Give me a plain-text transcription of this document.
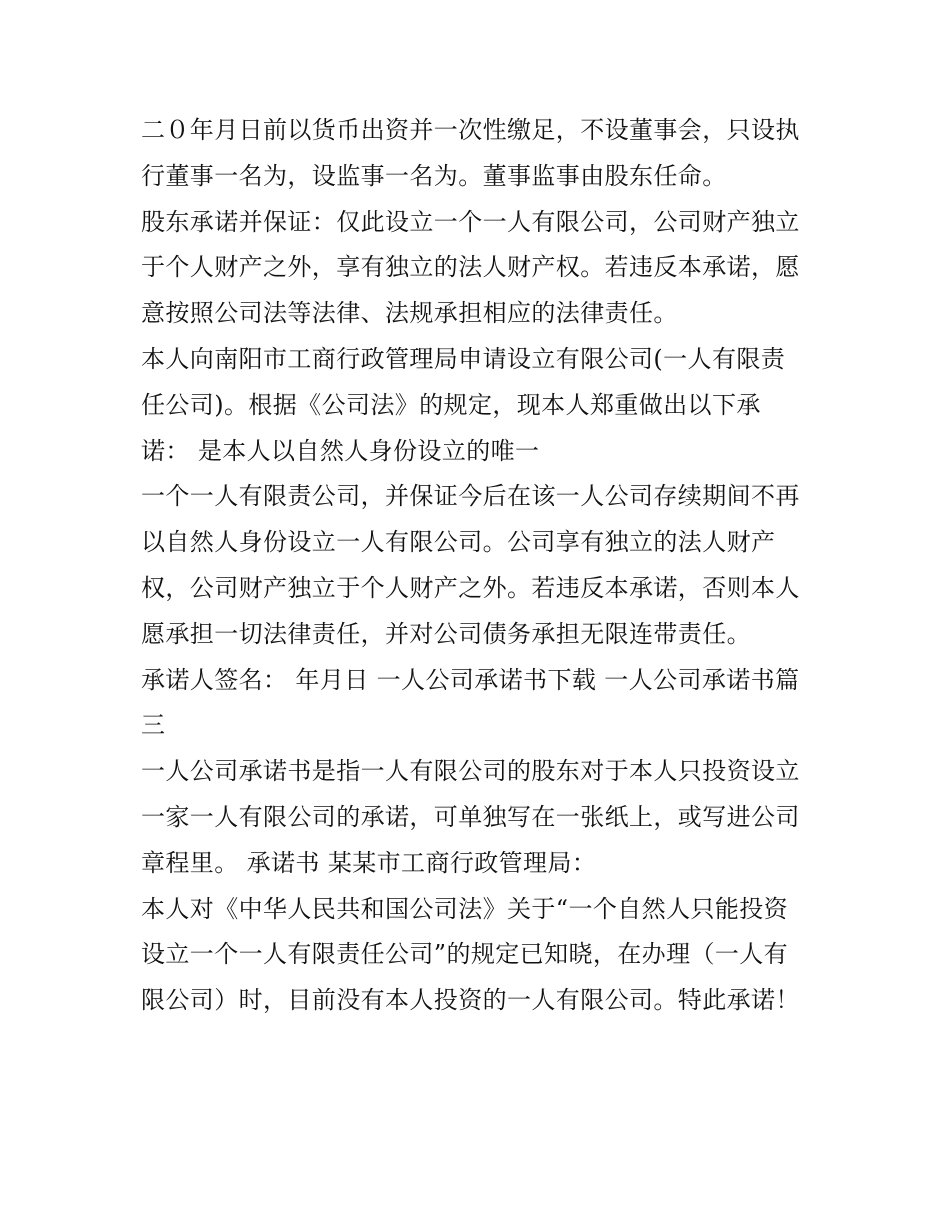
二０年月日前以货币出资并一次性缴足，不设董事会，只设执
行董事一名为，设监事一名为。董事监事由股东任命。
股东承诺并保证：仅此设立一个一人有限公司，公司财产独立
于个人财产之外，享有独立的法人财产权。若违反本承诺，愿
意按照公司法等法律、法规承担相应的法律责任。
本人向南阳市工商行政管理局申请设立有限公司(一人有限责
任公司)。根据《公司法》的规定，现本人郑重做出以下承
诺： 是本人以自然人身份设立的唯一
一个一人有限责公司，并保证今后在该一人公司存续期间不再
以自然人身份设立一人有限公司。公司享有独立的法人财产
权，公司财产独立于个人财产之外。若违反本承诺，否则本人
愿承担一切法律责任，并对公司债务承担无限连带责任。
承诺人签名： 年月日 一人公司承诺书下载 一人公司承诺书篇
三
一人公司承诺书是指一人有限公司的股东对于本人只投资设立
一家一人有限公司的承诺，可单独写在一张纸上，或写进公司
章程里。 承诺书 某某市工商行政管理局：
本人对《中华人民共和国公司法》关于“一个自然人只能投资
设立一个一人有限责任公司”的规定已知晓，在办理（一人有
限公司）时，目前没有本人投资的一人有限公司。特此承诺！
